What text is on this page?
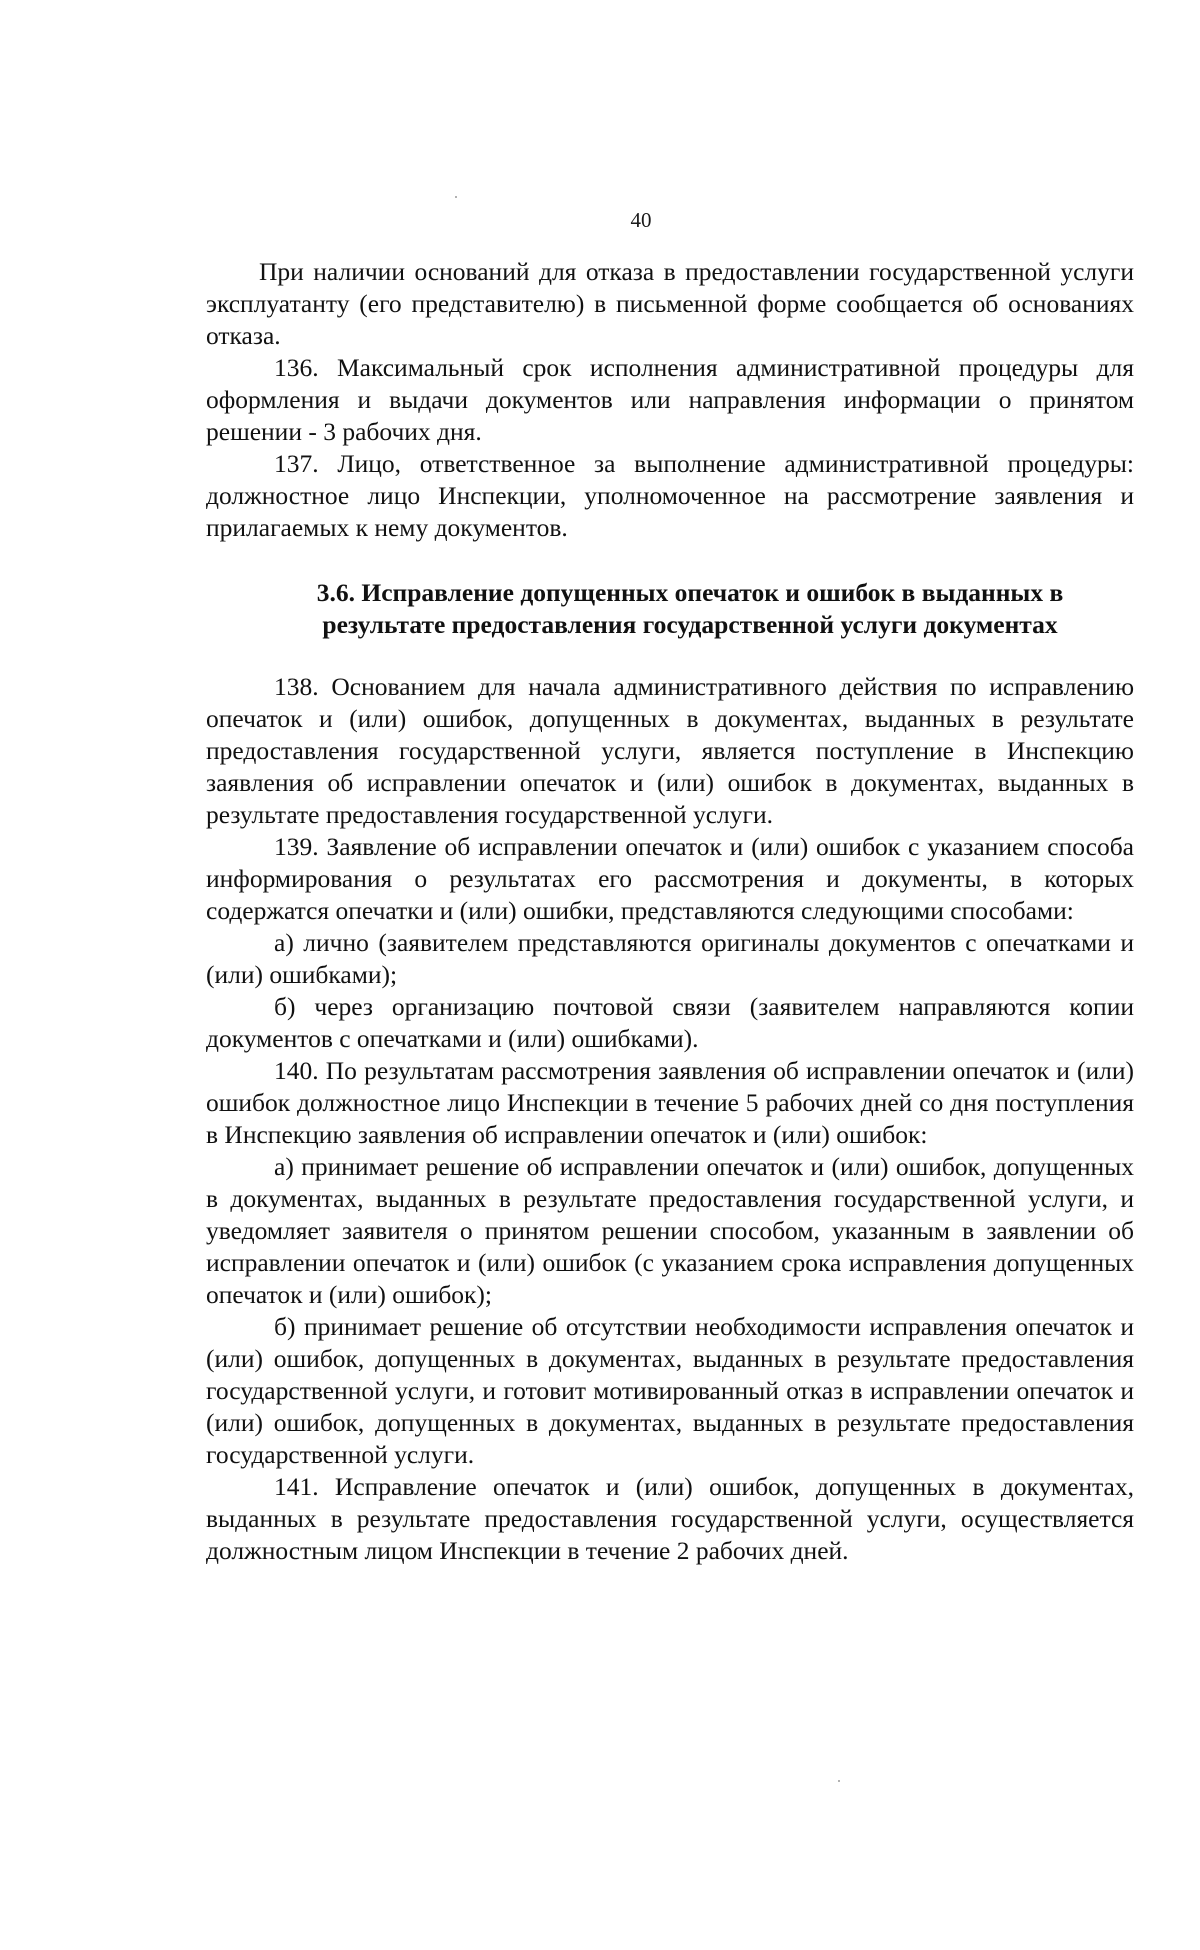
40

При наличии оснований для отказа в предоставлении государственной услуги эксплуатанту (его представителю) в письменной форме сообщается об основаниях отказа.

136. Максимальный срок исполнения административной процедуры для оформления и выдачи документов или направления информации о принятом решении - 3 рабочих дня.

137. Лицо, ответственное за выполнение административной процедуры: должностное лицо Инспекции, уполномоченное на рассмотрение заявления и прилагаемых к нему документов.

3.6. Исправление допущенных опечаток и ошибок в выданных в
результате предоставления государственной услуги документах

138. Основанием для начала административного действия по исправлению опечаток и (или) ошибок, допущенных в документах, выданных в результате предоставления государственной услуги, является поступление в Инспекцию заявления об исправлении опечаток и (или) ошибок в документах, выданных в результате предоставления государственной услуги.

139. Заявление об исправлении опечаток и (или) ошибок с указанием способа информирования о результатах его рассмотрения и документы, в которых содержатся опечатки и (или) ошибки, представляются следующими способами:

а) лично (заявителем представляются оригиналы документов с опечатками и (или) ошибками);

б) через организацию почтовой связи (заявителем направляются копии документов с опечатками и (или) ошибками).

140. По результатам рассмотрения заявления об исправлении опечаток и (или) ошибок должностное лицо Инспекции в течение 5 рабочих дней со дня поступления в Инспекцию заявления об исправлении опечаток и (или) ошибок:

а) принимает решение об исправлении опечаток и (или) ошибок, допущенных в документах, выданных в результате предоставления государственной услуги, и уведомляет заявителя о принятом решении способом, указанным в заявлении об исправлении опечаток и (или) ошибок (с указанием срока исправления допущенных опечаток и (или) ошибок);

б) принимает решение об отсутствии необходимости исправления опечаток и (или) ошибок, допущенных в документах, выданных в результате предоставления государственной услуги, и готовит мотивированный отказ в исправлении опечаток и (или) ошибок, допущенных в документах, выданных в результате предоставления государственной услуги.

141. Исправление опечаток и (или) ошибок, допущенных в документах, выданных в результате предоставления государственной услуги, осуществляется должностным лицом Инспекции в течение 2 рабочих дней.
